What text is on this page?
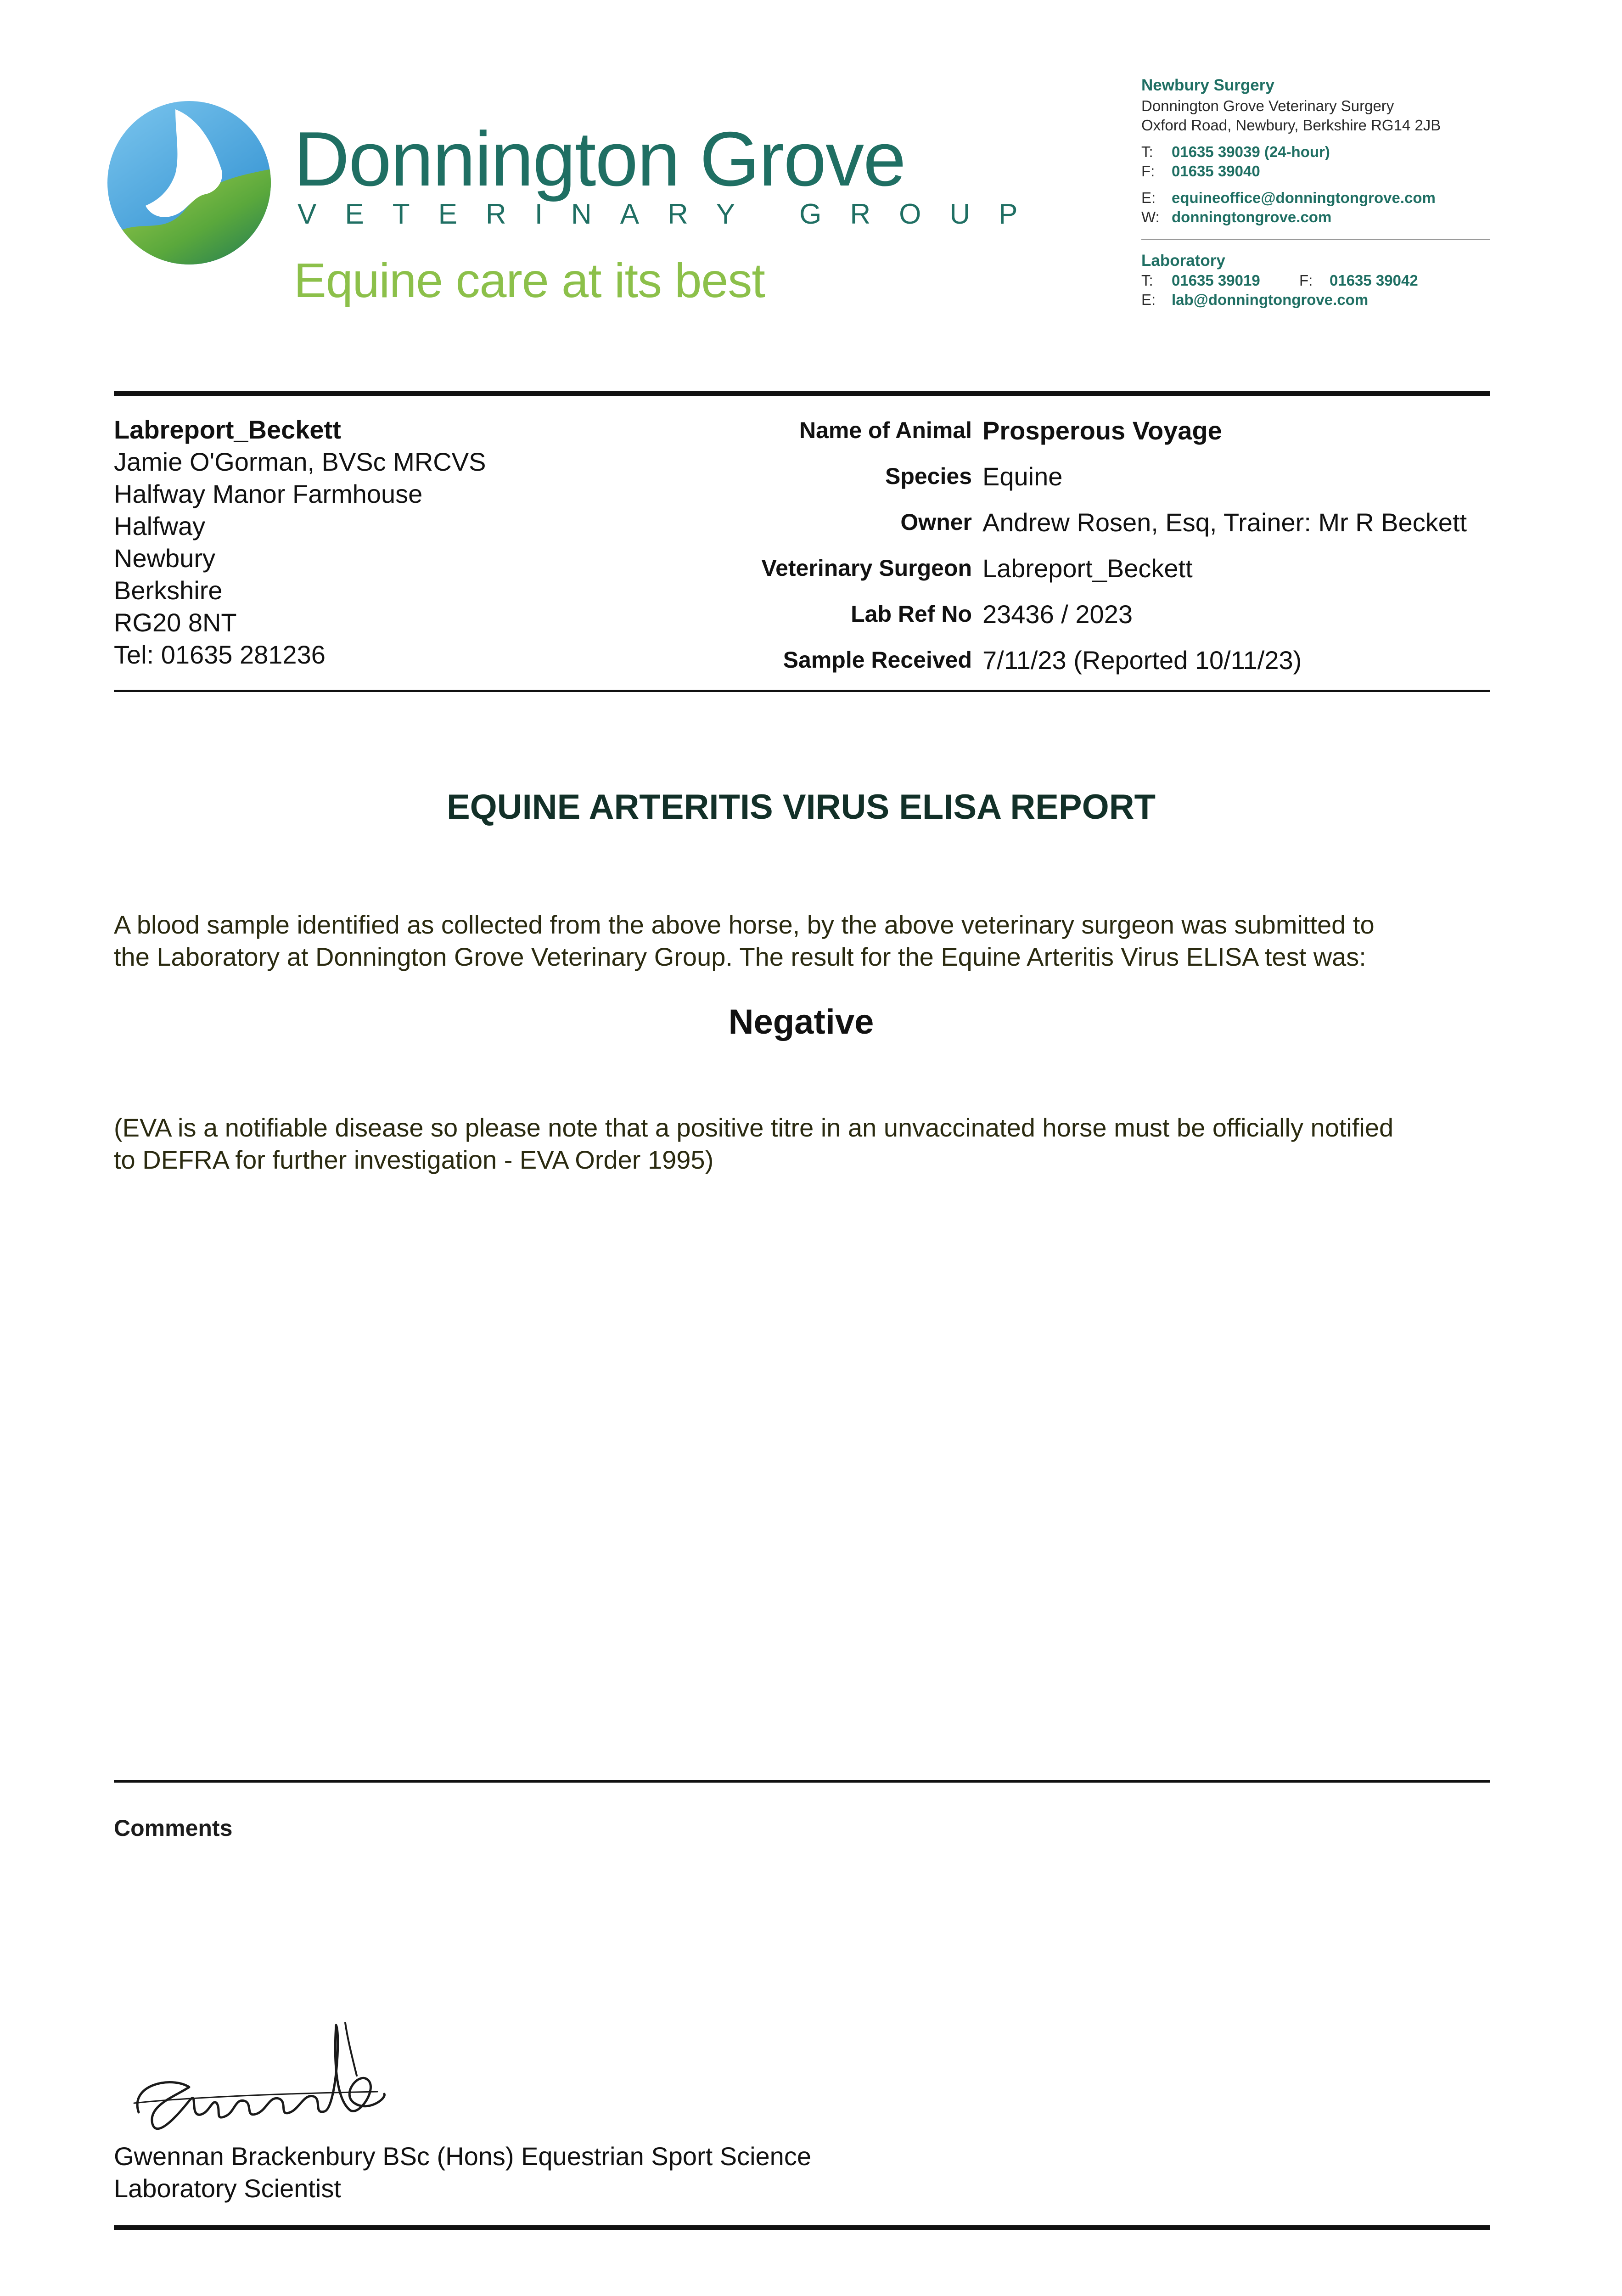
Donnington Grove
VETERINARY GROUP
Equine care at its best
Newbury Surgery
Donnington Grove Veterinary Surgery
Oxford Road, Newbury, Berkshire RG14 2JB
T: 01635 39039 (24-hour)
F: 01635 39040
E: equineoffice@donningtongrove.com
W: donningtongrove.com
Laboratory
T: 01635 39019	F: 01635 39042
E: lab@donningtongrove.com
Labreport_Beckett
Jamie O'Gorman, BVSc MRCVS
Halfway Manor Farmhouse
Halfway
Newbury
Berkshire
RG20 8NT
Tel: 01635 281236
Name of Animal Prosperous Voyage
Species Equine
Owner Andrew Rosen, Esq, Trainer: Mr R Beckett
Veterinary Surgeon Labreport_Beckett
Lab Ref No 23436 / 2023
Sample Received 7/11/23 (Reported 10/11/23)
EQUINE ARTERITIS VIRUS ELISA REPORT
A blood sample identified as collected from the above horse, by the above veterinary surgeon was submitted to
the Laboratory at Donnington Grove Veterinary Group. The result for the Equine Arteritis Virus ELISA test was:
Negative
(EVA is a notifiable disease so please note that a positive titre in an unvaccinated horse must be officially notified
to DEFRA for further investigation - EVA Order 1995)
Comments
Gwennan Brackenbury BSc (Hons) Equestrian Sport Science
Laboratory Scientist
